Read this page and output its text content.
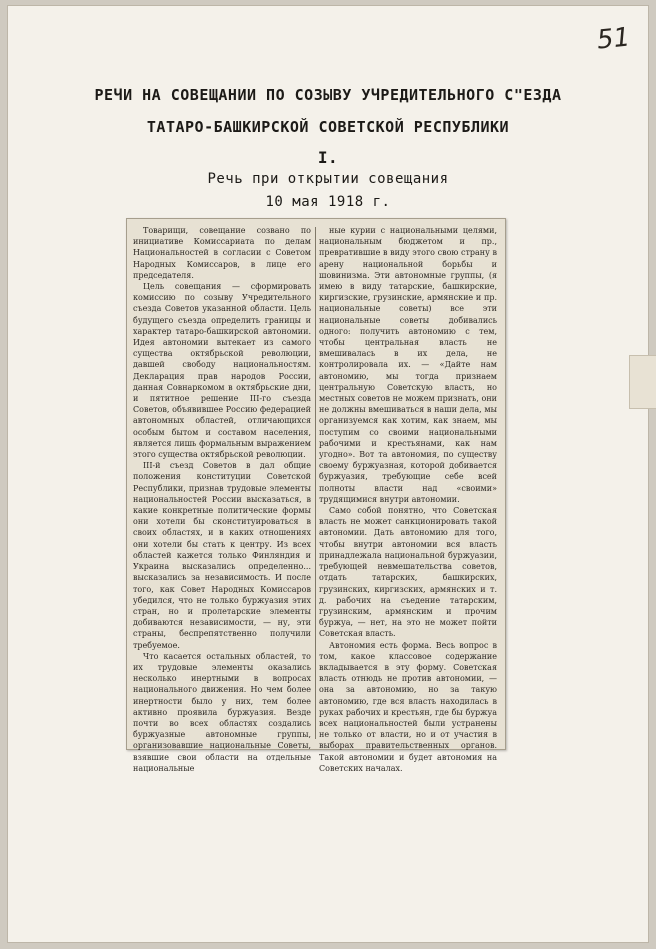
51
РЕЧИ НА СОВЕЩАНИИ ПО СОЗЫВУ УЧРЕДИТЕЛЬНОГО С"ЕЗДА
ТАТАРО-БАШКИРСКОЙ СОВЕТСКОЙ РЕСПУБЛИКИ
I.
Речь при открытии совещания
10 мая 1918 г.

Товарищи, совещание созвано по инициативе Комиссариата по делам Национальностей в согласии с Советом Народных Комиссаров, в лице его председателя.

Цель совещания — сформировать комиссию по созыву Учредительного съезда Советов указанной области. Цель будущего съезда определить границы и характер татаро-башкирской автономии. Идея автономии вытекает из самого существа октябрьской революции, давшей свободу национальностям. Декларация прав народов России, данная Совнаркомом в октябрьские дни, и пятитное решение III-го съезда Советов, объявившее Россию федерацией автономных областей, отличающихся особым бытом и составом населения, является лишь формальным выражением этого существа октябрьской революции.

III-й съезд Советов в дал общие положения конституции Советской Республики, признав трудовые элементы национальностей России высказаться, в какие конкретные политические формы они хотели бы сконституироваться в своих областях, и в каких отношениях они хотели бы стать к центру. Из всех областей кажется только Финляндия и Украина высказались определенно... высказались за независимость. И после того, как Совет Народных Комиссаров убедился, что не только буржуазия этих стран, но и пролетарские элементы добиваются независимости, — ну, эти страны, беспрепятственно получили требуемое.

Что касается остальных областей, то их трудовые элементы оказались несколько инертными в вопросах национального движения. Но чем более инертности было у них, тем более активно проявила буржуазия. Везде почти во всех областях создались буржуазные автономные группы, организовавшие национальные Советы, взявшие свои области на отдельные национальные

ные курии с национальными целями, национальным бюджетом и пр., превратившие в виду этого свою страну в арену национальной борьбы и шовинизма. Эти автономные группы, (я имею в виду татарские, башкирские, киргизские, грузинские, армянские и пр. национальные советы) все эти национальные советы добивались одного: получить автономию с тем, чтобы центральная власть не вмешивалась в их дела, не контролировала их. — «Дайте нам автономию, мы тогда признаем центральную Советскую власть, но местных советов не можем признать, они не должны вмешиваться в наши дела, мы организуемся как хотим, как знаем, мы поступим со своими национальными рабочими и крестьянами, как нам угодно». Вот та автономия, по существу своему буржуазная, которой добивается буржуазия, требующие себе всей полноты власти над «своими» трудящимися внутри автономии.

Само собой понятно, что Советская власть не может санкционировать такой автономии. Дать автономию для того, чтобы внутри автономии вся власть принадлежала национальной буржуазии, требующей невмешательства советов, отдать татарских, башкирских, грузинских, киргизских, армянских и т. д. рабочих на съедение татарским, грузинским, армянским и прочим буржуа, — нет, на это не может пойти Советская власть.

Автономия есть форма. Весь вопрос в том, какое классовое содержание вкладывается в эту форму. Советская власть отнюдь не против автономии, — она за автономию, но за такую автономию, где вся власть находилась в руках рабочих и крестьян, где бы буржуа всех национальностей были устранены не только от власти, но и от участия в выборах правительственных органов. Такой автономии и будет автономия на Советских началах.
